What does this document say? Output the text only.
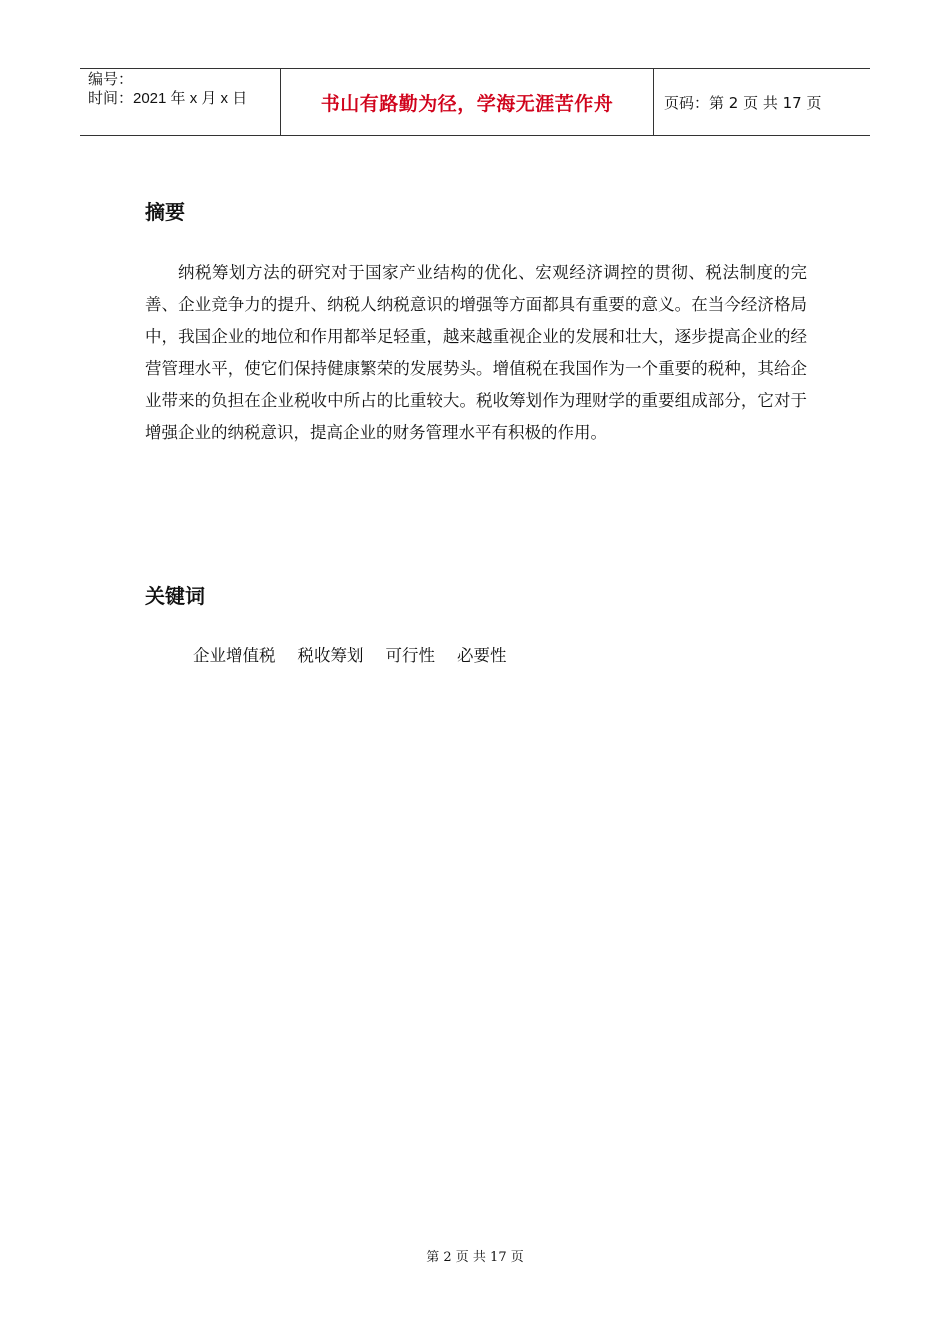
编号：
时间：2021 年 x 月 x 日	书山有路勤为径，学海无涯苦作舟	页码：第 2 页 共 17 页
摘要

纳税筹划方法的研究对于国家产业结构的优化、宏观经济调控的贯彻、税法制度的完善、企业竞争力的提升、纳税人纳税意识的增强等方面都具有重要的意义。在当今经济格局中，我国企业的地位和作用都举足轻重，越来越重视企业的发展和壮大，逐步提高企业的经营管理水平，使它们保持健康繁荣的发展势头。增值税在我国作为一个重要的税种，其给企业带来的负担在企业税收中所占的比重较大。税收筹划作为理财学的重要组成部分，它对于增强企业的纳税意识，提高企业的财务管理水平有积极的作用。

关键词
企业增值税 税收筹划 可行性 必要性
第 2 页 共 17 页
